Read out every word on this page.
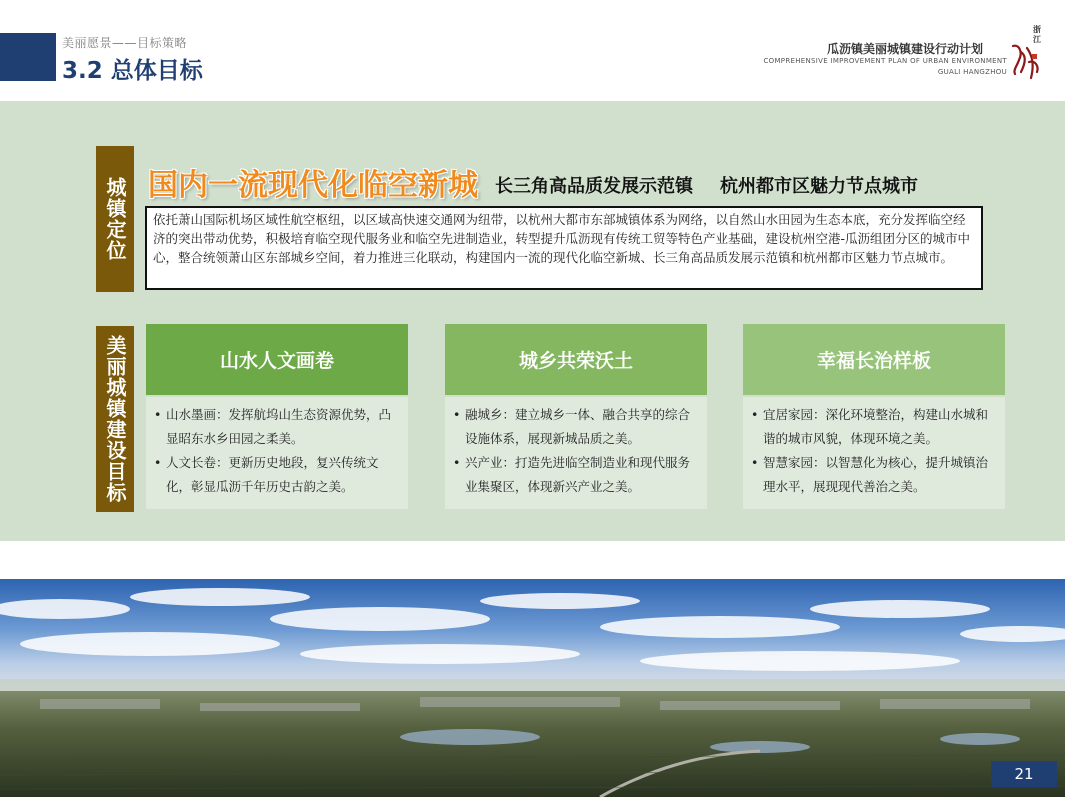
美丽愿景——目标策略
3.2 总体目标
瓜沥镇美丽城镇建设行动计划
COMPREHENSIVE IMPROVEMENT PLAN OF URBAN ENVIRONMENT
GUALI HANGZHOU
浙
江
城镇定位 国内一流现代化临空新城 长三角高品质发展示范镇 杭州都市区魅力节点城市
依托萧山国际机场区域性航空枢纽，以区域高快速交通网为纽带，以杭州大都市东部城镇体系为网络，以自然山水田园为生态本底，充分发挥临空经济的突出带动优势，积极培育临空现代服务业和临空先进制造业，转型提升瓜沥现有传统工贸等特色产业基础，建设杭州空港-瓜沥组团分区的城市中心，整合统领萧山区东部城乡空间，着力推进三化联动，构建国内一流的现代化临空新城、长三角高品质发展示范镇和杭州都市区魅力节点城市。
美丽城镇建设目标	山水人文画卷
• 山水墨画：发挥航坞山生态资源优势，凸显昭东水乡田园之柔美。
• 人文长卷：更新历史地段，复兴传统文化，彰显瓜沥千年历史古韵之美。
城乡共荣沃土
• 融城乡：建立城乡一体、融合共享的综合设施体系，展现新城品质之美。
• 兴产业：打造先进临空制造业和现代服务业集聚区，体现新兴产业之美。
幸福长治样板
• 宜居家园：深化环境整治，构建山水城和谐的城市风貌，体现环境之美。
• 智慧家园：以智慧化为核心，提升城镇治理水平，展现现代善治之美。
21
